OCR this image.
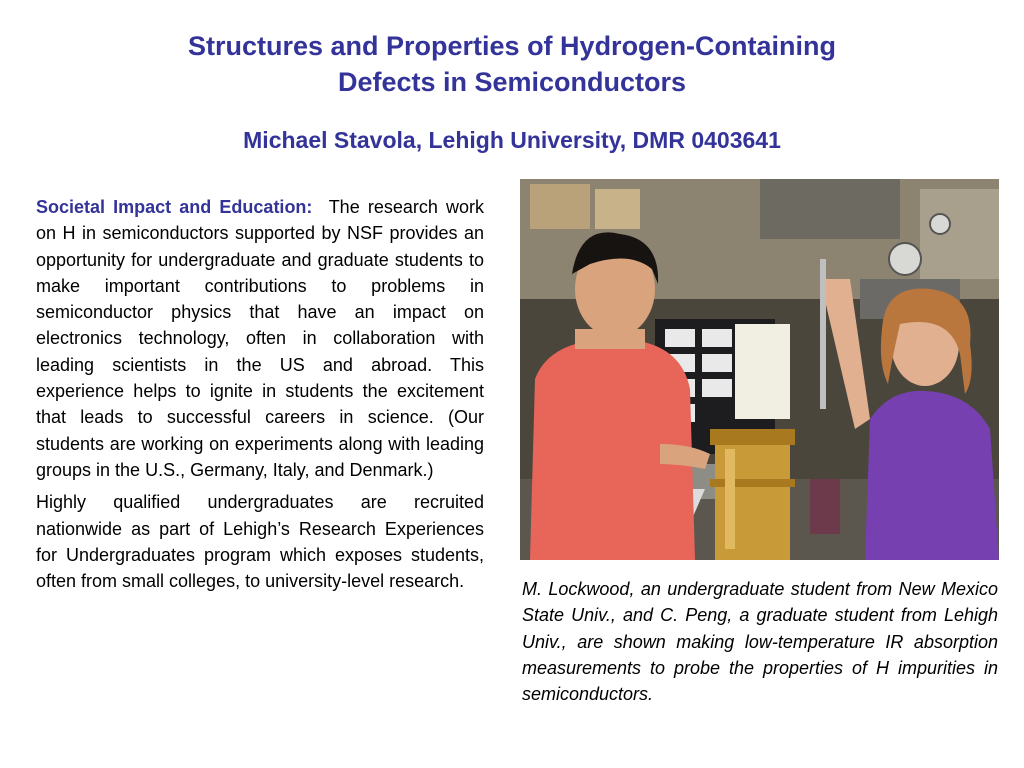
Structures and Properties of Hydrogen-Containing
Defects in Semiconductors
Michael Stavola, Lehigh University, DMR 0403641

Societal Impact and Education: The research work on H in semiconductors supported by NSF provides an opportunity for undergraduate and graduate students to make important contributions to problems in semiconductor physics that have an impact on electronics technology, often in collaboration with leading scientists in the US and abroad. This experience helps to ignite in students the excitement that leads to successful careers in science. (Our students are working on experiments along with leading groups in the U.S., Germany, Italy, and Denmark.)

Highly qualified undergraduates are recruited nationwide as part of Lehigh’s Research Experiences for Undergraduates program which exposes students, often from small colleges, to university-level research.	M. Lockwood, an undergraduate student from New Mexico State Univ., and C. Peng, a graduate student from Lehigh Univ., are shown making low-temperature IR absorption measurements to probe the properties of H impurities in semiconductors.
